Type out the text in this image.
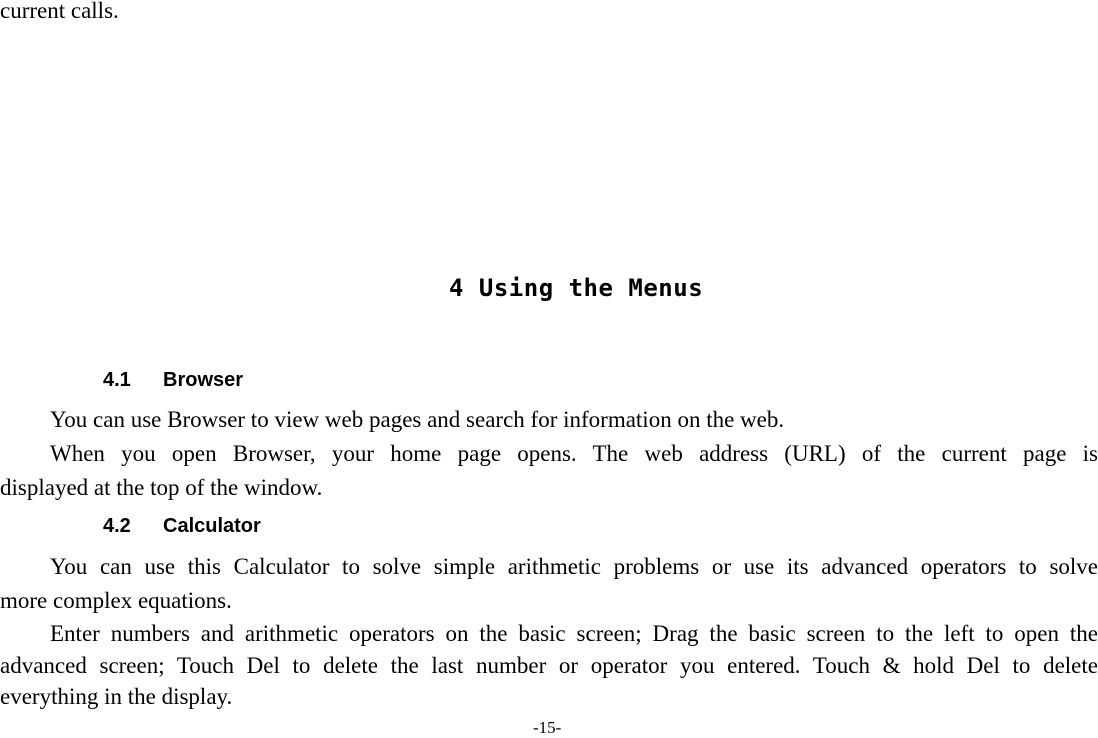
current calls.
4 Using the Menus
4.1 Browser
You can use Browser to view web pages and search for information on the web.
When you open Browser, your home page opens. The web address (URL) of the current page is
displayed at the top of the window.
4.2 Calculator
You can use this Calculator to solve simple arithmetic problems or use its advanced operators to solve
more complex equations.
Enter numbers and arithmetic operators on the basic screen; Drag the basic screen to the left to open the
advanced screen; Touch Del to delete the last number or operator you entered. Touch & hold Del to delete
everything in the display.
-15-
